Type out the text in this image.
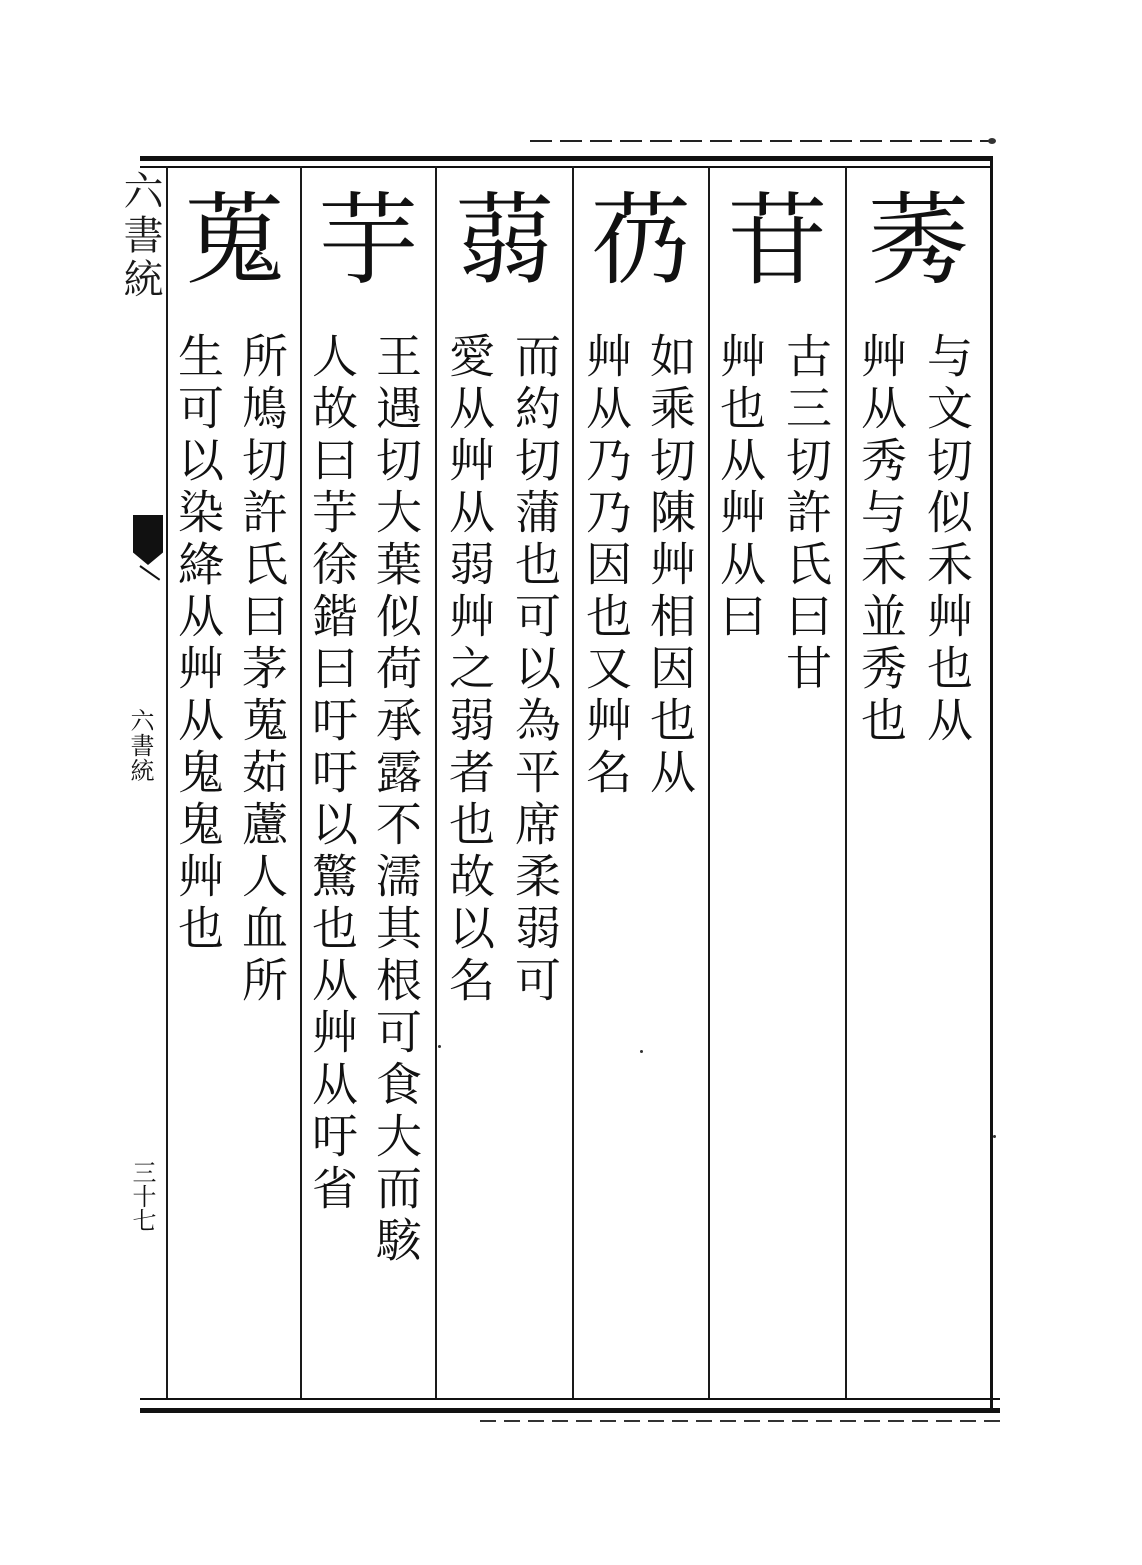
六書統
六書統
三十七
莠
与文切似禾艸也从
艸从秀与禾並秀也
苷
古三切許氏曰甘
艸也从艸从曰
芿
如乘切陳艸相因也从
艸从乃乃因也又艸名
蒻
而約切蒲也可以為平席柔弱可
愛从艸从弱艸之弱者也故以名
芋
王遇切大葉似荷承露不濡其根可食大而駭
人故曰芋徐鍇曰吁吁以驚也从艸从吁省
蒐
所鳩切許氏曰茅蒐茹藘人血所
生可以染絳从艸从鬼鬼艸也
